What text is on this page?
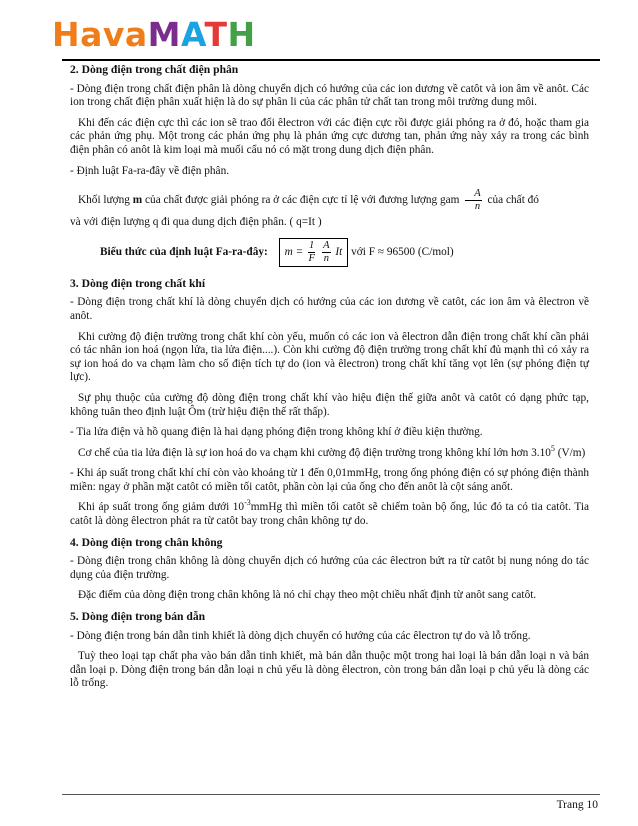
HavaMATH

2. Dòng điện trong chất điện phân

- Dòng điện trong chất điện phân là dòng chuyển dịch có hướng của các ion dương về catôt và ion âm về anôt. Các ion trong chất điện phân xuất hiện là do sự phân li của các phân tử chất tan trong môi trường dung môi.

Khi đến các điện cực thì các ion sẽ trao đổi êlectron với các điện cực rồi được giải phóng ra ở đó, hoặc tham gia các phản ứng phụ. Một trong các phản ứng phụ là phản ứng cực dương tan, phản ứng này xảy ra trong các bình điện phân có anôt là kim loại mà muối cẩu nó có mặt trong dung dịch điện phân.

- Định luật Fa-ra-đây về điện phân.

Khối lượng m của chất được giải phóng ra ở các điện cực tỉ lệ với đương lượng gam $\frac{A}{n}$ của chất đó

và với điện lượng q đi qua dung dịch điện phân. ( q=It )

Biểu thức của định luật Fa-ra-đây: $m = \frac{1}{F}$
$\frac{A}{n}$ It với F ≈ 96500 (C/mol)

3. Dòng điện trong chất khí

- Dòng điện trong chất khí là dòng chuyển dịch có hướng của các ion dương về catôt, các ion âm và êlectron về anôt.

Khi cường độ điện trường trong chất khí còn yếu, muốn có các ion và êlectron dẫn điện trong chất khí cần phải có tác nhân ion hoá (ngọn lửa, tia lửa điện....). Còn khi cường độ điện trường trong chất khí đủ mạnh thì có xảy ra sự ion hoá do va chạm làm cho số điện tích tự do (ion và êlectron) trong chất khí tăng vọt lên (sự phóng điện tự lực).

Sự phụ thuộc của cường độ dòng điện trong chất khí vào hiệu điện thế giữa anôt và catôt có dạng phức tạp, không tuân theo định luật Ôm (trừ hiệu điện thế rất thấp).

- Tia lửa điện và hồ quang điện là hai dạng phóng điện trong không khí ở điều kiện thường.

Cơ chế của tia lửa điện là sự ion hoá do va chạm khi cường độ điện trường trong không khí lớn hơn 3.10$^5$ (V/m)

- Khi áp suất trong chất khí chỉ còn vào khoảng từ 1 đến 0,01mmHg, trong ống phóng điện có sự phóng điện thành miền: ngay ở phần mặt catôt có miền tối catôt, phần còn lại của ống cho đến anôt là cột sáng anốt.

Khi áp suất trong ống giảm dưới $10^{-3}mmHg$ thì miền tối catôt sẽ chiếm toàn bộ ống, lúc đó ta có tia catôt. Tia catôt là dòng êlectron phát ra từ catôt bay trong chân không tự do.

4. Dòng điện trong chân không

- Dòng điện trong chân không là dòng chuyển dịch có hướng của các êlectron bứt ra từ catôt bị nung nóng do tác dụng của điện trường.

Đặc điểm của dòng điện trong chân không là nó chỉ chạy theo một chiều nhất định từ anôt sang catôt.

5. Dòng điện trong bán dẫn

- Dòng điện trong bán dẫn tinh khiết là dòng dịch chuyển có hướng của các êlectron tự do và lỗ trống.

Tuỳ theo loại tạp chất pha vào bán dẫn tinh khiết, mà bán dẫn thuộc một trong hai loại là bán dẫn loại n và bán dẫn loại p. Dòng điện trong bán dẫn loại n chủ yếu là dòng êlectron, còn trong bán dẫn loại p chủ yếu là dòng các lỗ trống.

Trang 10
